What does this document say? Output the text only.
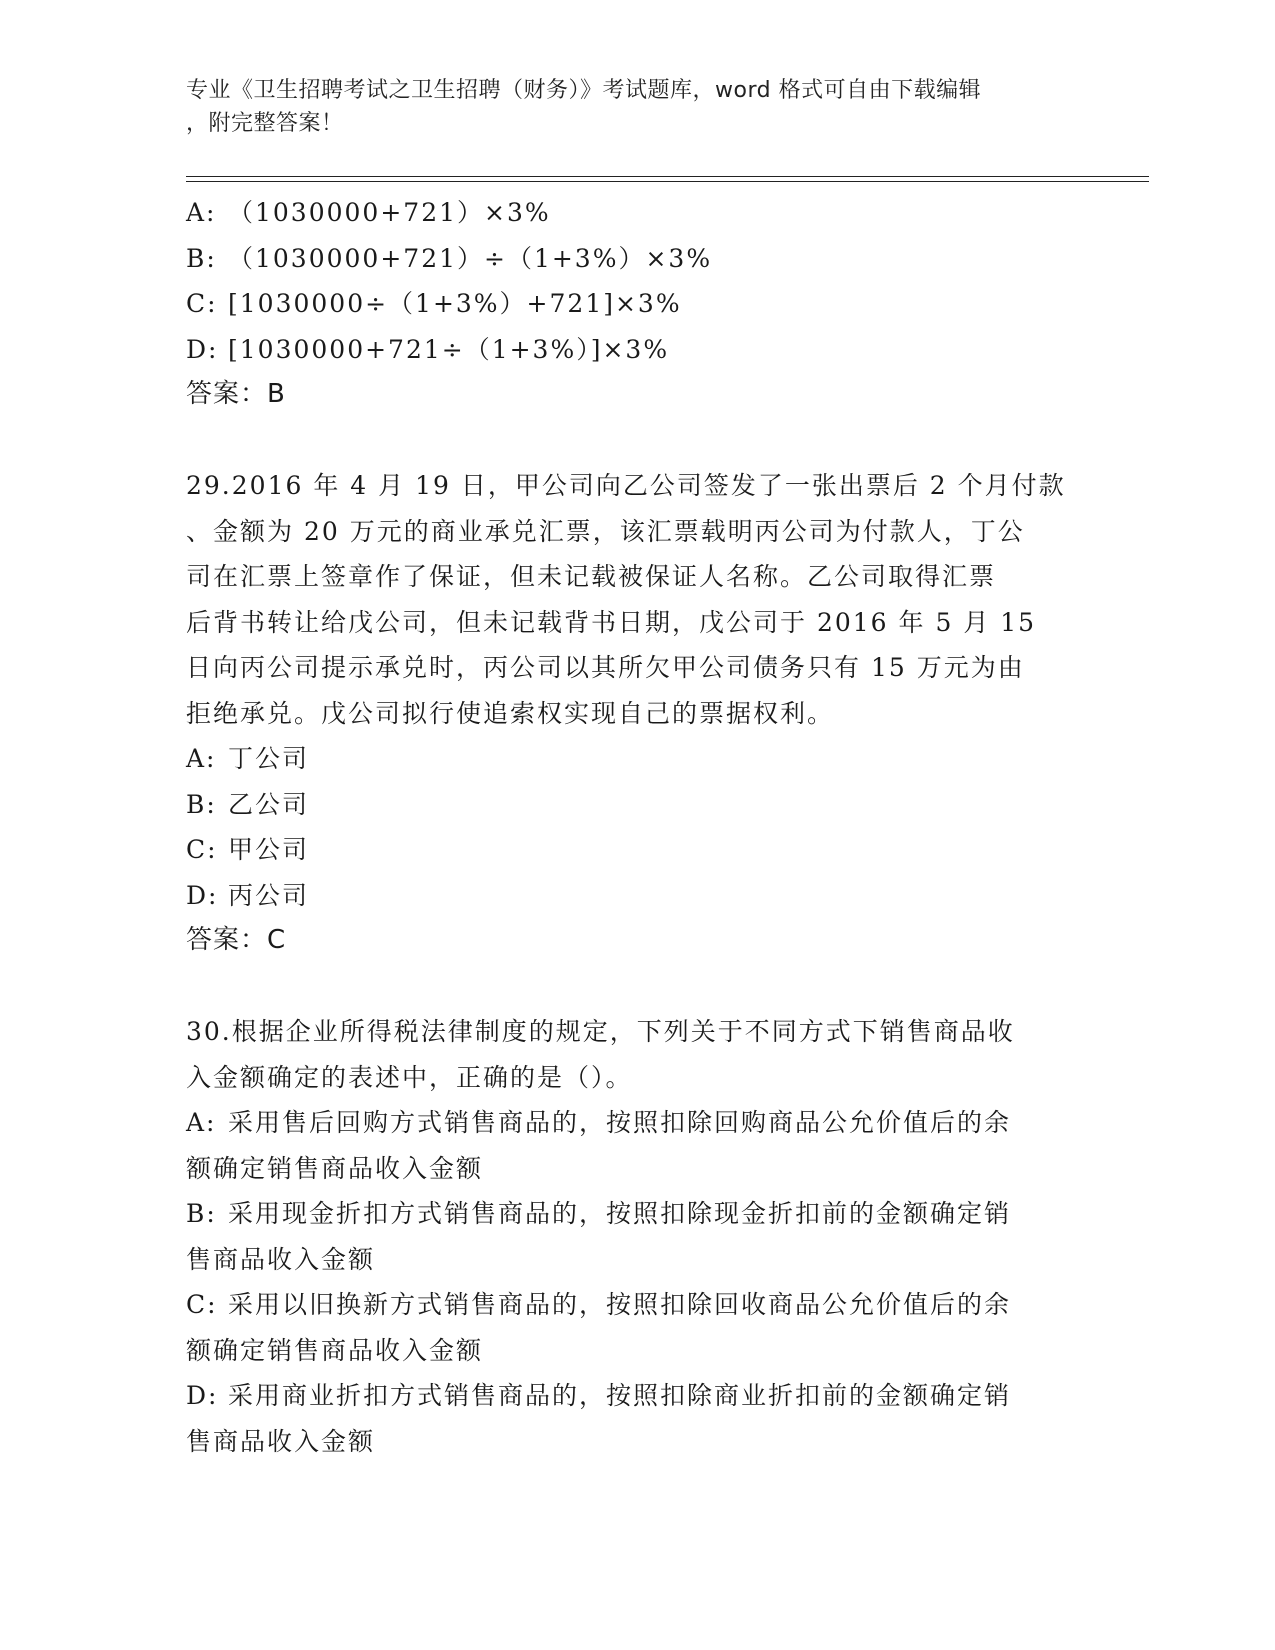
专业《卫生招聘考试之卫生招聘（财务）》考试题库，word 格式可自由下载编辑
，附完整答案！
A: （1030000+721）×3%
B: （1030000+721）÷（1+3%）×3%
C: [1030000÷（1+3%）+721]×3%
D: [1030000+721÷（1+3%）]×3%
答案：B
29.2016 年 4 月 19 日，甲公司向乙公司签发了一张出票后 2 个月付款
、金额为 20 万元的商业承兑汇票，该汇票载明丙公司为付款人，丁公
司在汇票上签章作了保证，但未记载被保证人名称。乙公司取得汇票
后背书转让给戊公司，但未记载背书日期，戊公司于 2016 年 5 月 15
日向丙公司提示承兑时，丙公司以其所欠甲公司债务只有 15 万元为由
拒绝承兑。戊公司拟行使追索权实现自己的票据权利。
A: 丁公司
B: 乙公司
C: 甲公司
D: 丙公司
答案：C
30.根据企业所得税法律制度的规定，下列关于不同方式下销售商品收
入金额确定的表述中，正确的是（）。
A: 采用售后回购方式销售商品的，按照扣除回购商品公允价值后的余
额确定销售商品收入金额
B: 采用现金折扣方式销售商品的，按照扣除现金折扣前的金额确定销
售商品收入金额
C: 采用以旧换新方式销售商品的，按照扣除回收商品公允价值后的余
额确定销售商品收入金额
D: 采用商业折扣方式销售商品的，按照扣除商业折扣前的金额确定销
售商品收入金额
